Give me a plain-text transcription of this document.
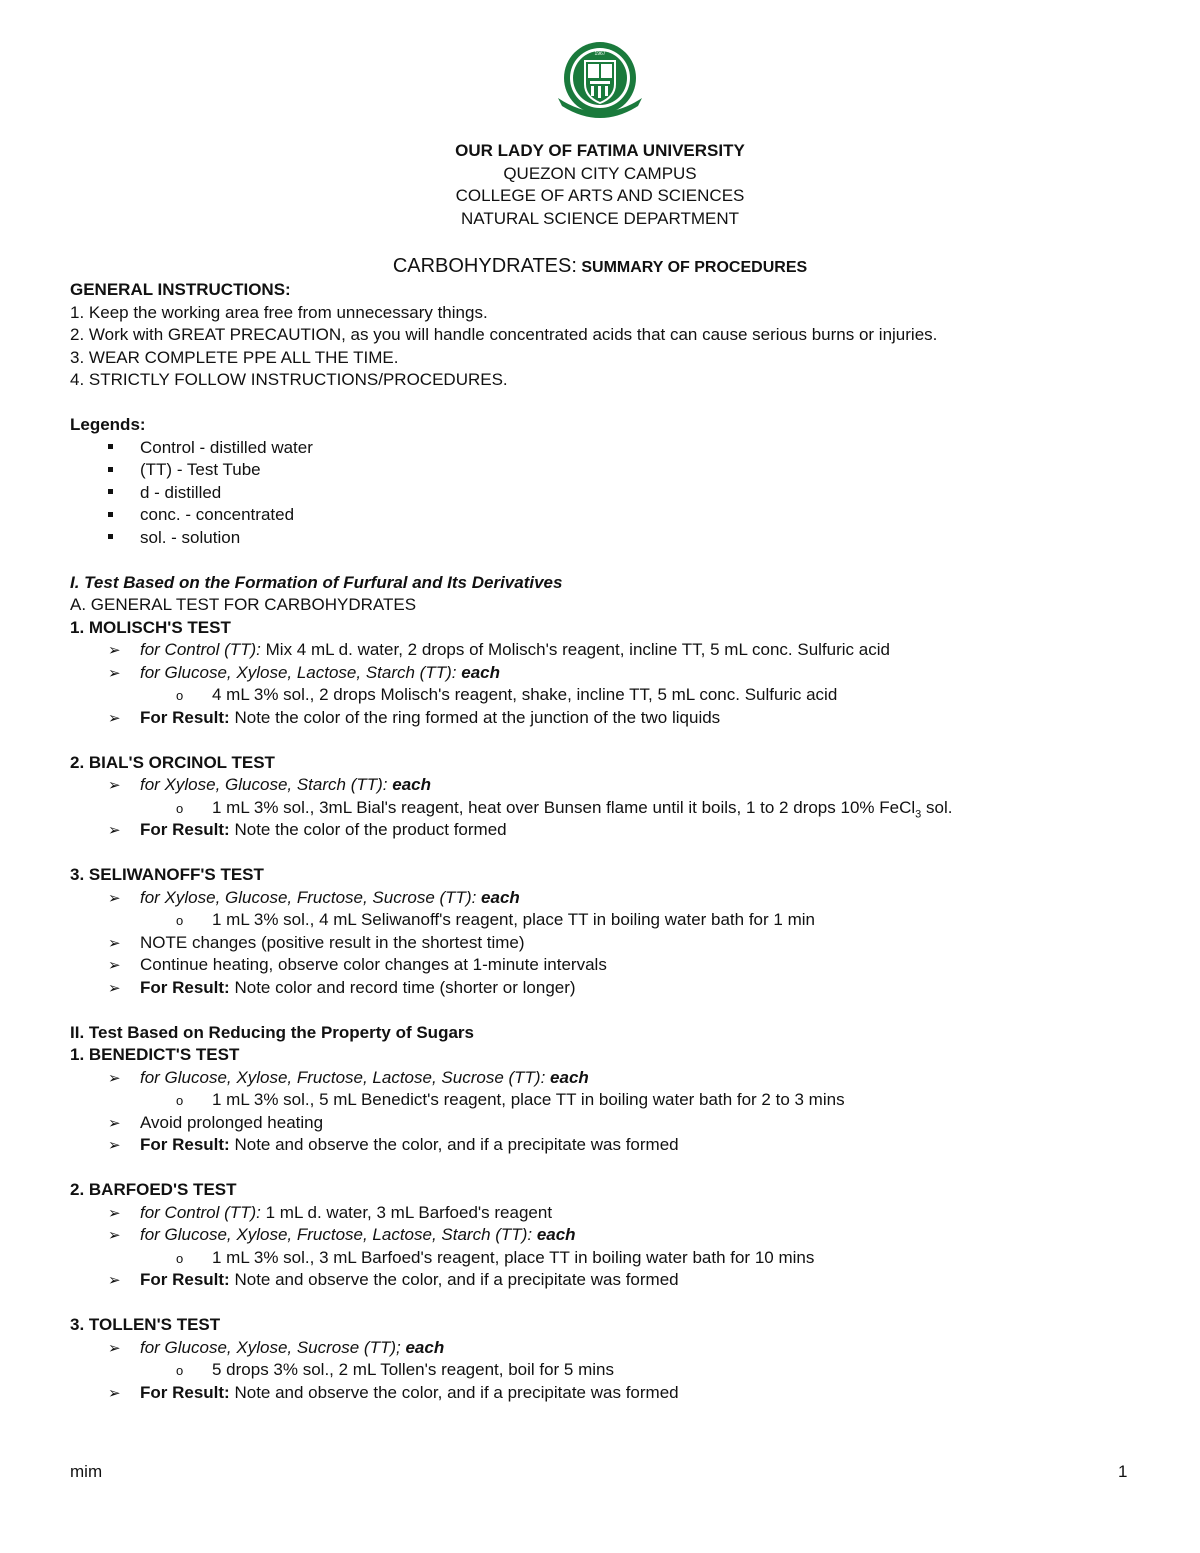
1967
OUR LADY OF FATIMA UNIVERSITY
QUEZON CITY CAMPUS
COLLEGE OF ARTS AND SCIENCES
NATURAL SCIENCE DEPARTMENT
CARBOHYDRATES: SUMMARY OF PROCEDURES
GENERAL INSTRUCTIONS:
1. Keep the working area free from unnecessary things.
2. Work with GREAT PRECAUTION, as you will handle concentrated acids that can cause serious burns or injuries.
3. WEAR COMPLETE PPE ALL THE TIME.
4. STRICTLY FOLLOW INSTRUCTIONS/PROCEDURES.
Legends:
Control - distilled water
(TT) - Test Tube
d - distilled
conc. - concentrated
sol. - solution
I. Test Based on the Formation of Furfural and Its Derivatives
A. GENERAL TEST FOR CARBOHYDRATES
1. MOLISCH'S TEST
➢ for Control (TT): Mix 4 mL d. water, 2 drops of Molisch's reagent, incline TT, 5 mL conc. Sulfuric acid
➢ for Glucose, Xylose, Lactose, Starch (TT): each
o 4 mL 3% sol., 2 drops Molisch's reagent, shake, incline TT, 5 mL conc. Sulfuric acid
➢ For Result: Note the color of the ring formed at the junction of the two liquids
2. BIAL'S ORCINOL TEST
➢ for Xylose, Glucose, Starch (TT): each
o 1 mL 3% sol., 3mL Bial's reagent, heat over Bunsen flame until it boils, 1 to 2 drops 10% FeCl$_3$ sol.
➢ For Result: Note the color of the product formed
3. SELIWANOFF'S TEST
➢ for Xylose, Glucose, Fructose, Sucrose (TT): each
o 1 mL 3% sol., 4 mL Seliwanoff's reagent, place TT in boiling water bath for 1 min
➢ NOTE changes (positive result in the shortest time)
➢ Continue heating, observe color changes at 1-minute intervals
➢ For Result: Note color and record time (shorter or longer)
II. Test Based on Reducing the Property of Sugars
1. BENEDICT'S TEST
➢ for Glucose, Xylose, Fructose, Lactose, Sucrose (TT): each
o 1 mL 3% sol., 5 mL Benedict's reagent, place TT in boiling water bath for 2 to 3 mins
➢ Avoid prolonged heating
➢ For Result: Note and observe the color, and if a precipitate was formed
2. BARFOED'S TEST
➢ for Control (TT): 1 mL d. water, 3 mL Barfoed's reagent
➢ for Glucose, Xylose, Fructose, Lactose, Starch (TT): each
o 1 mL 3% sol., 3 mL Barfoed's reagent, place TT in boiling water bath for 10 mins
➢ For Result: Note and observe the color, and if a precipitate was formed
3. TOLLEN'S TEST
➢ for Glucose, Xylose, Sucrose (TT); each
o 5 drops 3% sol., 2 mL Tollen's reagent, boil for 5 mins
➢ For Result: Note and observe the color, and if a precipitate was formed
mim	1
